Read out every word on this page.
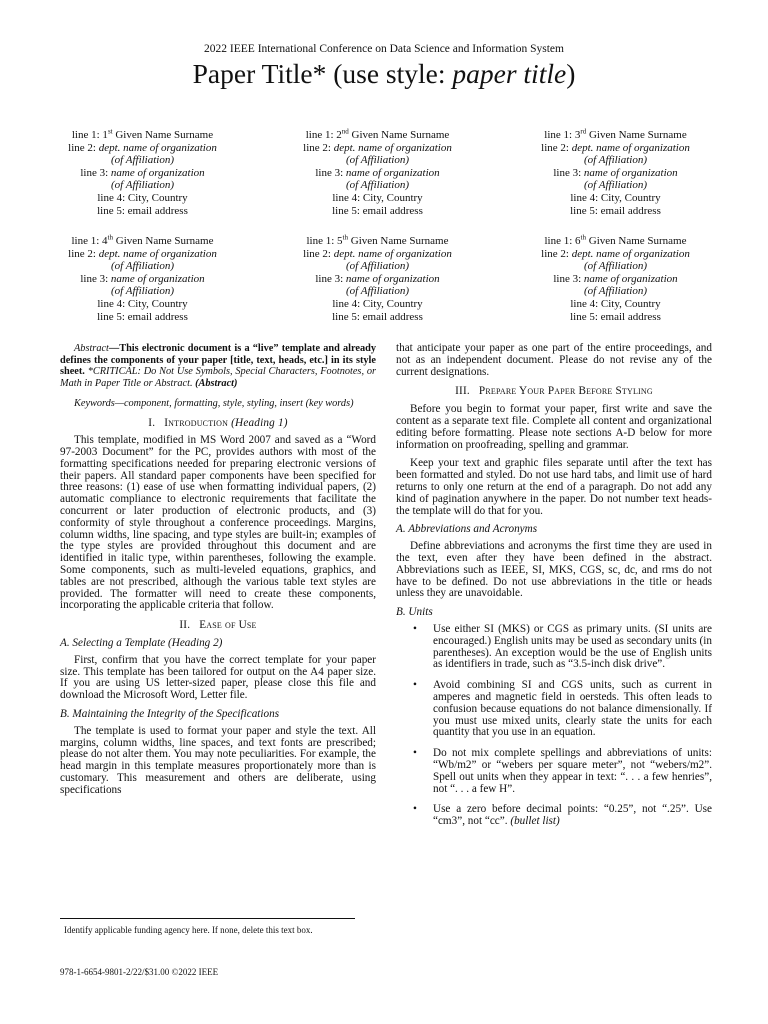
2022 IEEE International Conference on Data Science and Information System
Paper Title* (use style: paper title)
line 1: 1st Given Name Surname
line 2: dept. name of organization
(of Affiliation)
line 3: name of organization
(of Affiliation)
line 4: City, Country
line 5: email address
line 1: 2nd Given Name Surname
line 2: dept. name of organization
(of Affiliation)
line 3: name of organization
(of Affiliation)
line 4: City, Country
line 5: email address
line 1: 3rd Given Name Surname
line 2: dept. name of organization
(of Affiliation)
line 3: name of organization
(of Affiliation)
line 4: City, Country
line 5: email address
line 1: 4th Given Name Surname
line 2: dept. name of organization
(of Affiliation)
line 3: name of organization
(of Affiliation)
line 4: City, Country
line 5: email address
line 1: 5th Given Name Surname
line 2: dept. name of organization
(of Affiliation)
line 3: name of organization
(of Affiliation)
line 4: City, Country
line 5: email address
line 1: 6th Given Name Surname
line 2: dept. name of organization
(of Affiliation)
line 3: name of organization
(of Affiliation)
line 4: City, Country
line 5: email address

Abstract—This electronic document is a “live” template and already defines the components of your paper [title, text, heads, etc.] in its style sheet. *CRITICAL: Do Not Use Symbols, Special Characters, Footnotes, or Math in Paper Title or Abstract. (Abstract)

Keywords—component, formatting, style, styling, insert (key words)

I. Introduction (Heading 1)

This template, modified in MS Word 2007 and saved as a “Word 97-2003 Document” for the PC, provides authors with most of the formatting specifications needed for preparing electronic versions of their papers. All standard paper components have been specified for three reasons: (1) ease of use when formatting individual papers, (2) automatic compliance to electronic requirements that facilitate the concurrent or later production of electronic products, and (3) conformity of style throughout a conference proceedings. Margins, column widths, line spacing, and type styles are built-in; examples of the type styles are provided throughout this document and are identified in italic type, within parentheses, following the example. Some components, such as multi-leveled equations, graphics, and tables are not prescribed, although the various table text styles are provided. The formatter will need to create these components, incorporating the applicable criteria that follow.

II. Ease of Use
A. Selecting a Template (Heading 2)

First, confirm that you have the correct template for your paper size. This template has been tailored for output on the A4 paper size. If you are using US letter-sized paper, please close this file and download the Microsoft Word, Letter file.

B. Maintaining the Integrity of the Specifications

The template is used to format your paper and style the text. All margins, column widths, line spaces, and text fonts are prescribed; please do not alter them. You may note peculiarities. For example, the head margin in this template measures proportionately more than is customary. This measurement and others are deliberate, using specifications

that anticipate your paper as one part of the entire proceedings, and not as an independent document. Please do not revise any of the current designations.

III. Prepare Your Paper Before Styling

Before you begin to format your paper, first write and save the content as a separate text file. Complete all content and organizational editing before formatting. Please note sections A-D below for more information on proofreading, spelling and grammar.

Keep your text and graphic files separate until after the text has been formatted and styled. Do not use hard tabs, and limit use of hard returns to only one return at the end of a paragraph. Do not add any kind of pagination anywhere in the paper. Do not number text heads-the template will do that for you.

A. Abbreviations and Acronyms

Define abbreviations and acronyms the first time they are used in the text, even after they have been defined in the abstract. Abbreviations such as IEEE, SI, MKS, CGS, sc, dc, and rms do not have to be defined. Do not use abbreviations in the title or heads unless they are unavoidable.

B. Units
• Use either SI (MKS) or CGS as primary units. (SI units are encouraged.) English units may be used as secondary units (in parentheses). An exception would be the use of English units as identifiers in trade, such as “3.5-inch disk drive”.
• Avoid combining SI and CGS units, such as current in amperes and magnetic field in oersteds. This often leads to confusion because equations do not balance dimensionally. If you must use mixed units, clearly state the units for each quantity that you use in an equation.
• Do not mix complete spellings and abbreviations of units: “Wb/m2” or “webers per square meter”, not “webers/m2”. Spell out units when they appear in text: “. . . a few henries”, not “. . . a few H”.
• Use a zero before decimal points: “0.25”, not “.25”. Use “cm3”, not “cc”. (bullet list)
Identify applicable funding agency here. If none, delete this text box.
978-1-6654-9801-2/22/$31.00 ©2022 IEEE
